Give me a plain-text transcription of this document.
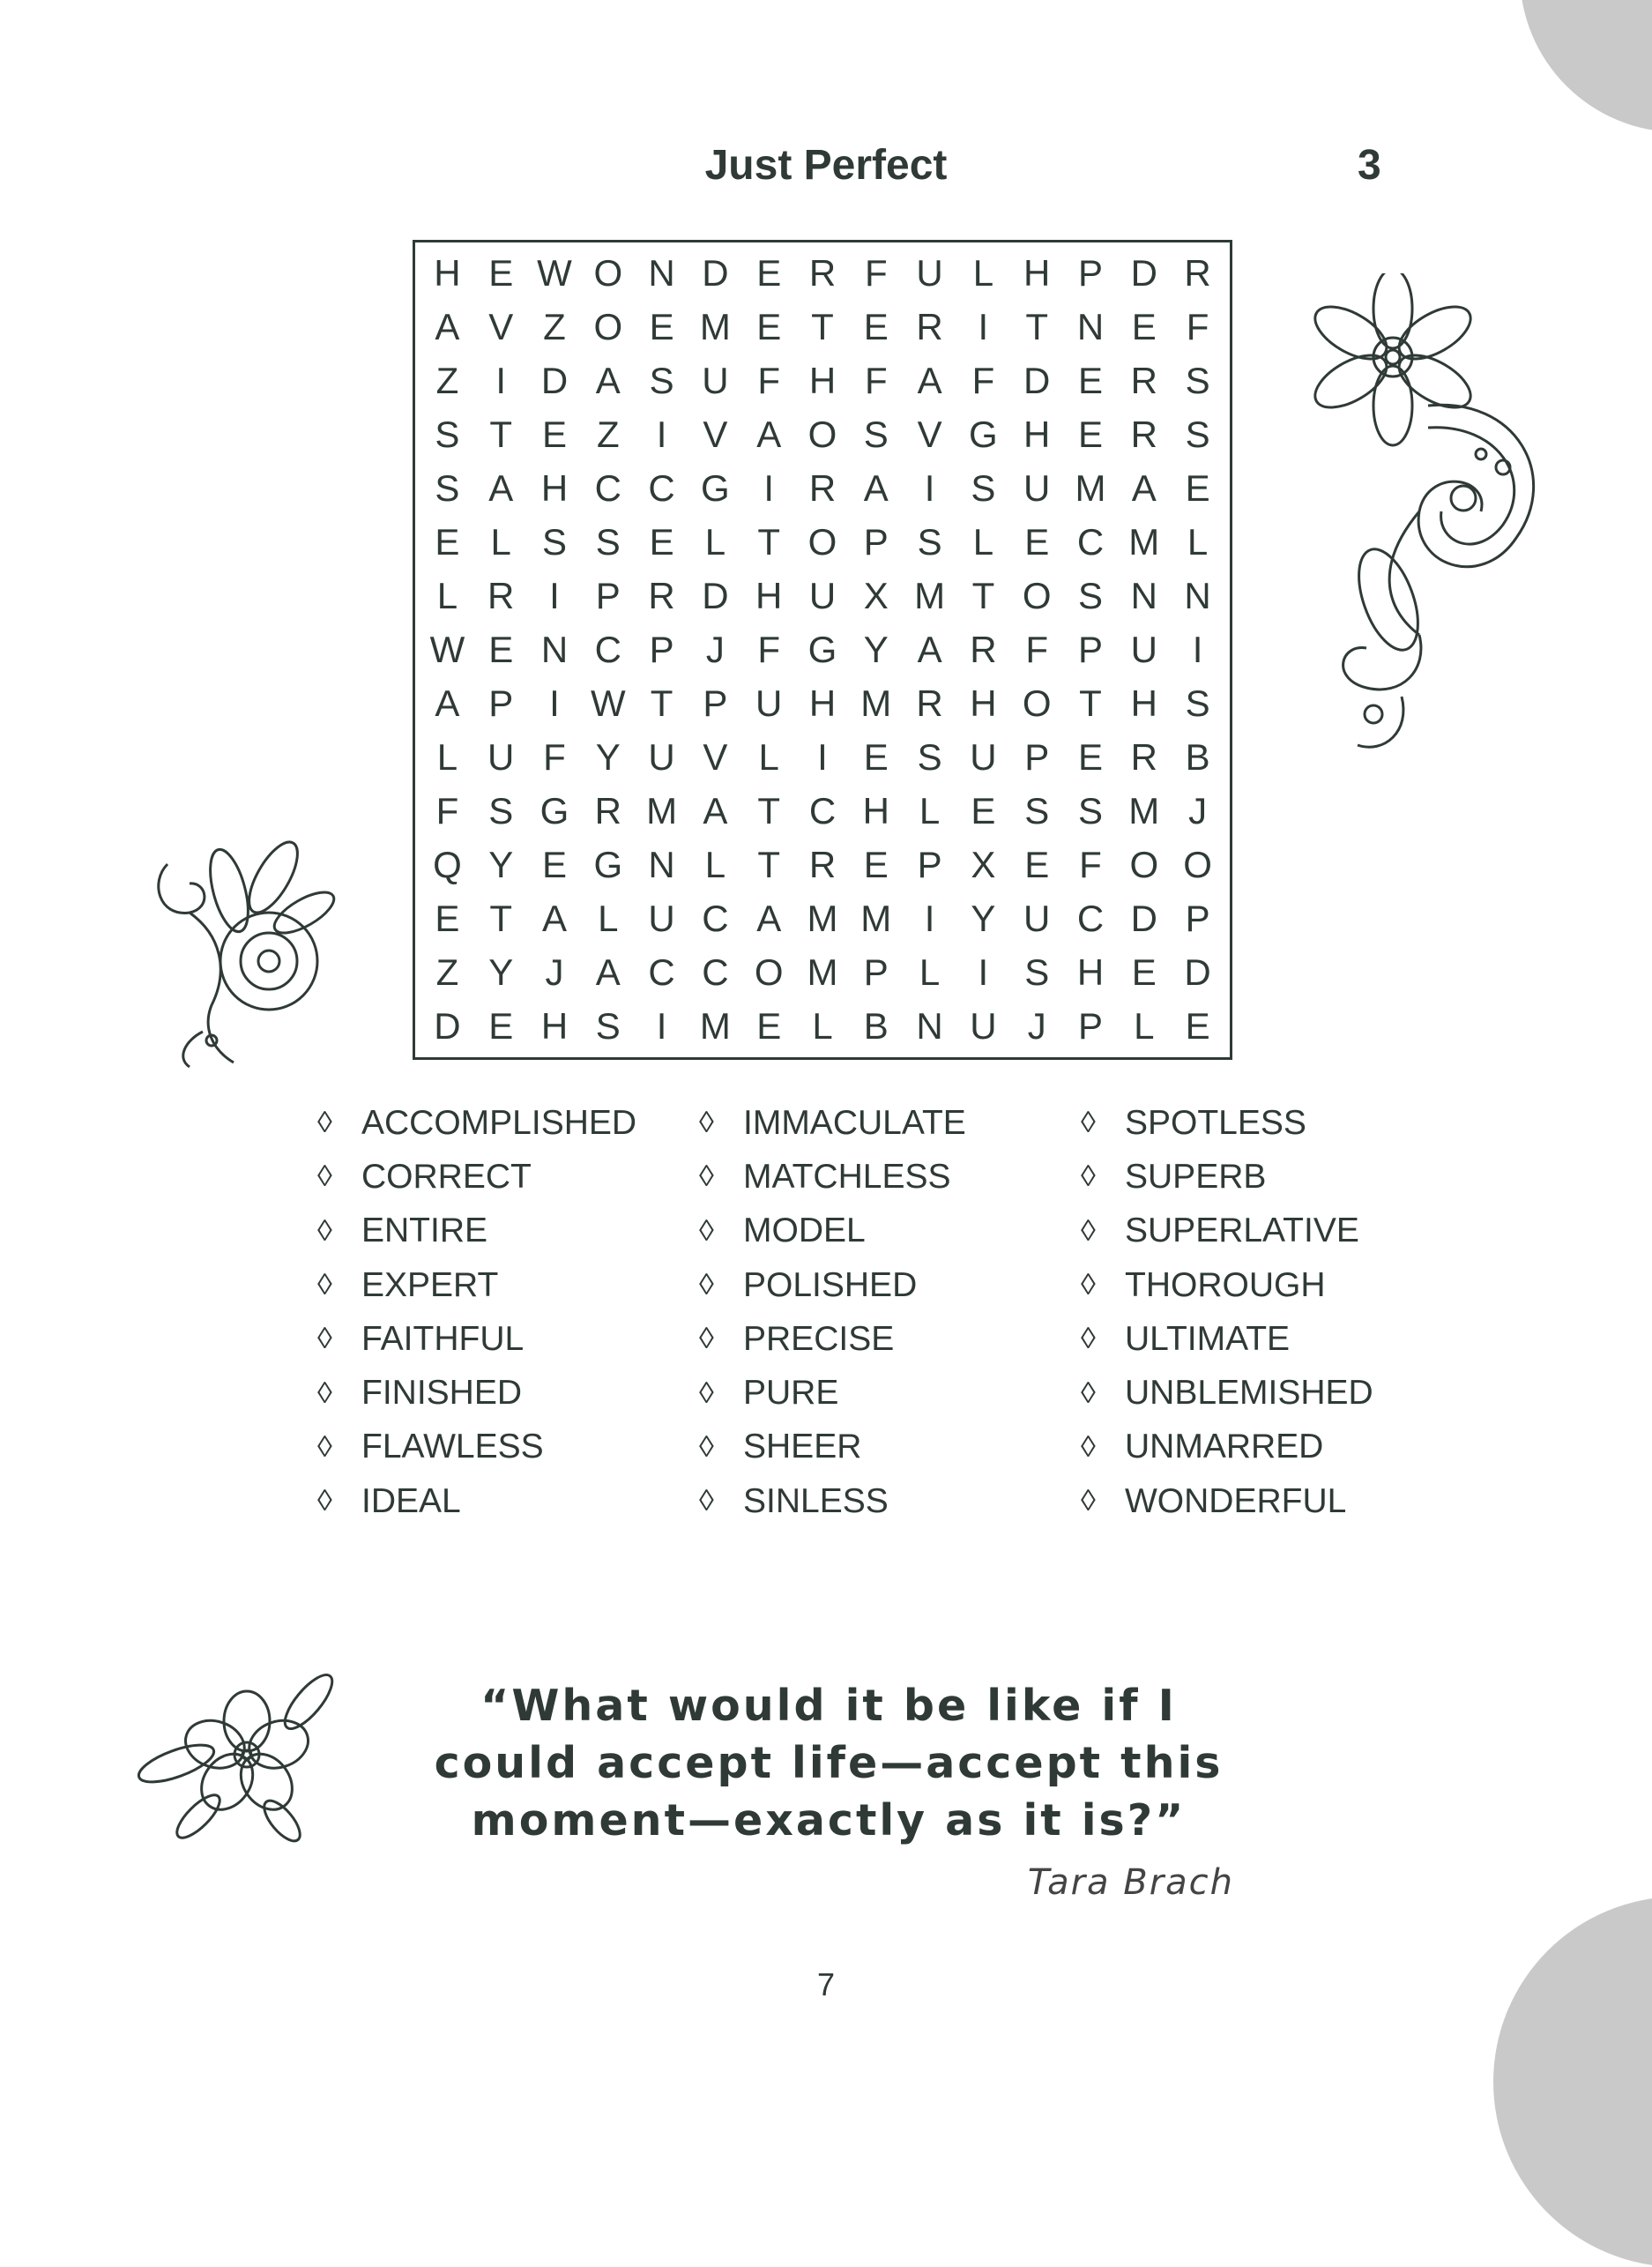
Just Perfect	3
H E W O N D E R F U L H P D R
A V Z O E M E T E R I	T N E F
Z	I D A S U F H F A F D E R S
S T E Z	I V A O S V G H E R S
S A H C C G I R A I S U M A E
E L S S E L T O P S L E C M L
L R I P R D H U X M T O S N N
W E N C P J F G Y A R F P U I
A P I W T P U H M R H O T H S
L U F Y U V L	I E S U P E R B
F S G R M A T C H L E S S M J
Q Y E G N L T R E P X E F O O
E T A L U C A M M I Y U C D P
Z Y J A C C O M P L	I S H E D
D E H S I M E L B N U J P L E
◊ ACCOMPLISHED
◊ CORRECT
◊ ENTIRE
◊ EXPERT
◊ FAITHFUL
◊ FINISHED
◊ FLAWLESS
◊ IDEAL
◊ IMMACULATE
◊ MATCHLESS
◊ MODEL
◊ POLISHED
◊ PRECISE
◊ PURE
◊ SHEER
◊ SINLESS
◊ SPOTLESS
◊ SUPERB
◊ SUPERLATIVE
◊ THOROUGH
◊ ULTIMATE
◊ UNBLEMISHED
◊ UNMARRED
◊ WONDERFUL
“What would it be like if I
could accept life—accept this
moment—exactly as it is?”
Tara Brach
7
